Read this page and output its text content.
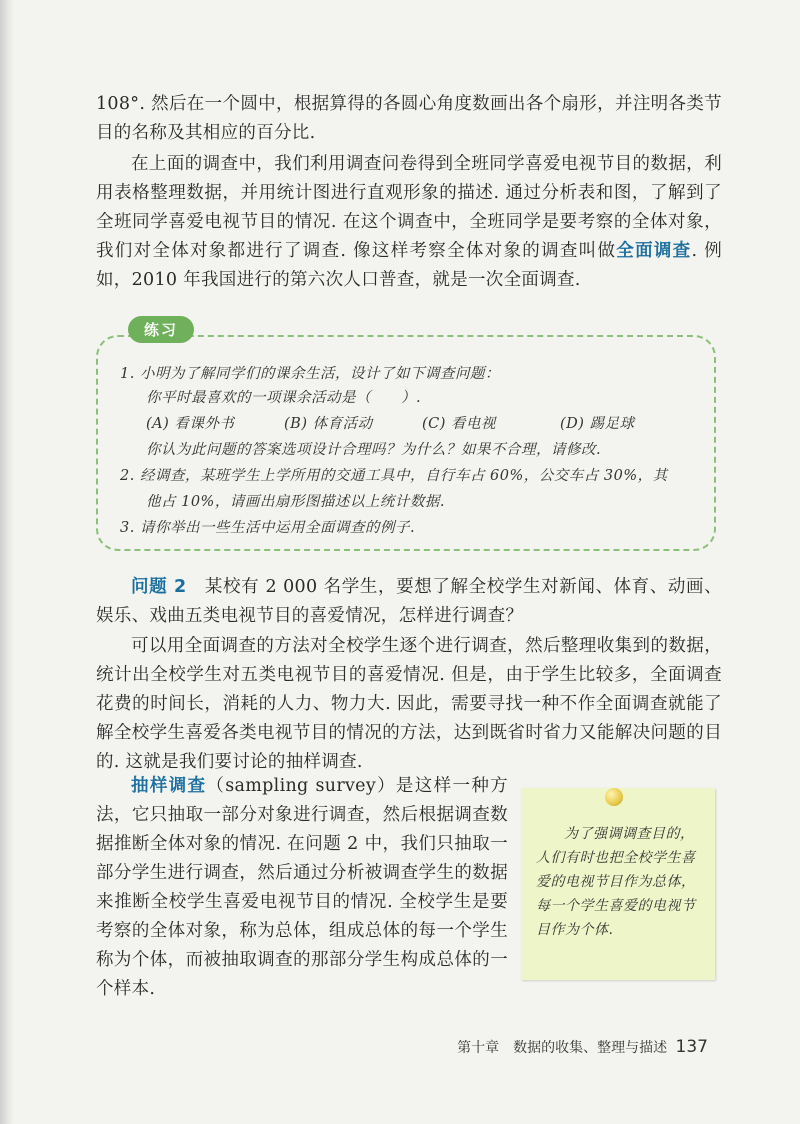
108°. 然后在一个圆中，根据算得的各圆心角度数画出各个扇形，并注明各类节目的名称及其相应的百分比.

在上面的调查中，我们利用调查问卷得到全班同学喜爱电视节目的数据，利用表格整理数据，并用统计图进行直观形象的描述. 通过分析表和图，了解到了全班同学喜爱电视节目的情况. 在这个调查中，全班同学是要考察的全体对象，我们对全体对象都进行了调查. 像这样考察全体对象的调查叫做全面调查. 例如，2010 年我国进行的第六次人口普查，就是一次全面调查.

练习
1. 小明为了解同学们的课余生活，设计了如下调查问题：
你平时最喜欢的一项课余活动是（　　）.
(A) 看课外书	(B) 体育活动	(C) 看电视	(D) 踢足球
你认为此问题的答案选项设计合理吗？为什么？如果不合理，请修改.
2. 经调查，某班学生上学所用的交通工具中，自行车占 60%，公交车占 30%，其
他占 10%，请画出扇形图描述以上统计数据.
3. 请你举出一些生活中运用全面调查的例子.

问题 2　 某校有 2 000 名学生，要想了解全校学生对新闻、体育、动画、娱乐、戏曲五类电视节目的喜爱情况，怎样进行调查？

可以用全面调查的方法对全校学生逐个进行调查，然后整理收集到的数据，统计出全校学生对五类电视节目的喜爱情况. 但是，由于学生比较多，全面调查花费的时间长，消耗的人力、物力大. 因此，需要寻找一种不作全面调查就能了解全校学生喜爱各类电视节目的情况的方法，达到既省时省力又能解决问题的目的. 这就是我们要讨论的抽样调查.

抽样调查（sampling survey）是这样一种方法，它只抽取一部分对象进行调查，然后根据调查数据推断全体对象的情况. 在问题 2 中，我们只抽取一部分学生进行调查，然后通过分析被调查学生的数据来推断全校学生喜爱电视节目的情况. 全校学生是要考察的全体对象，称为总体，组成总体的每一个学生称为个体，而被抽取调查的那部分学生构成总体的一个样本.

为了强调调查目的，人们有时也把全校学生喜爱的电视节目作为总体，每一个学生喜爱的电视节目作为个体.

第十章　数据的收集、整理与描述 137
